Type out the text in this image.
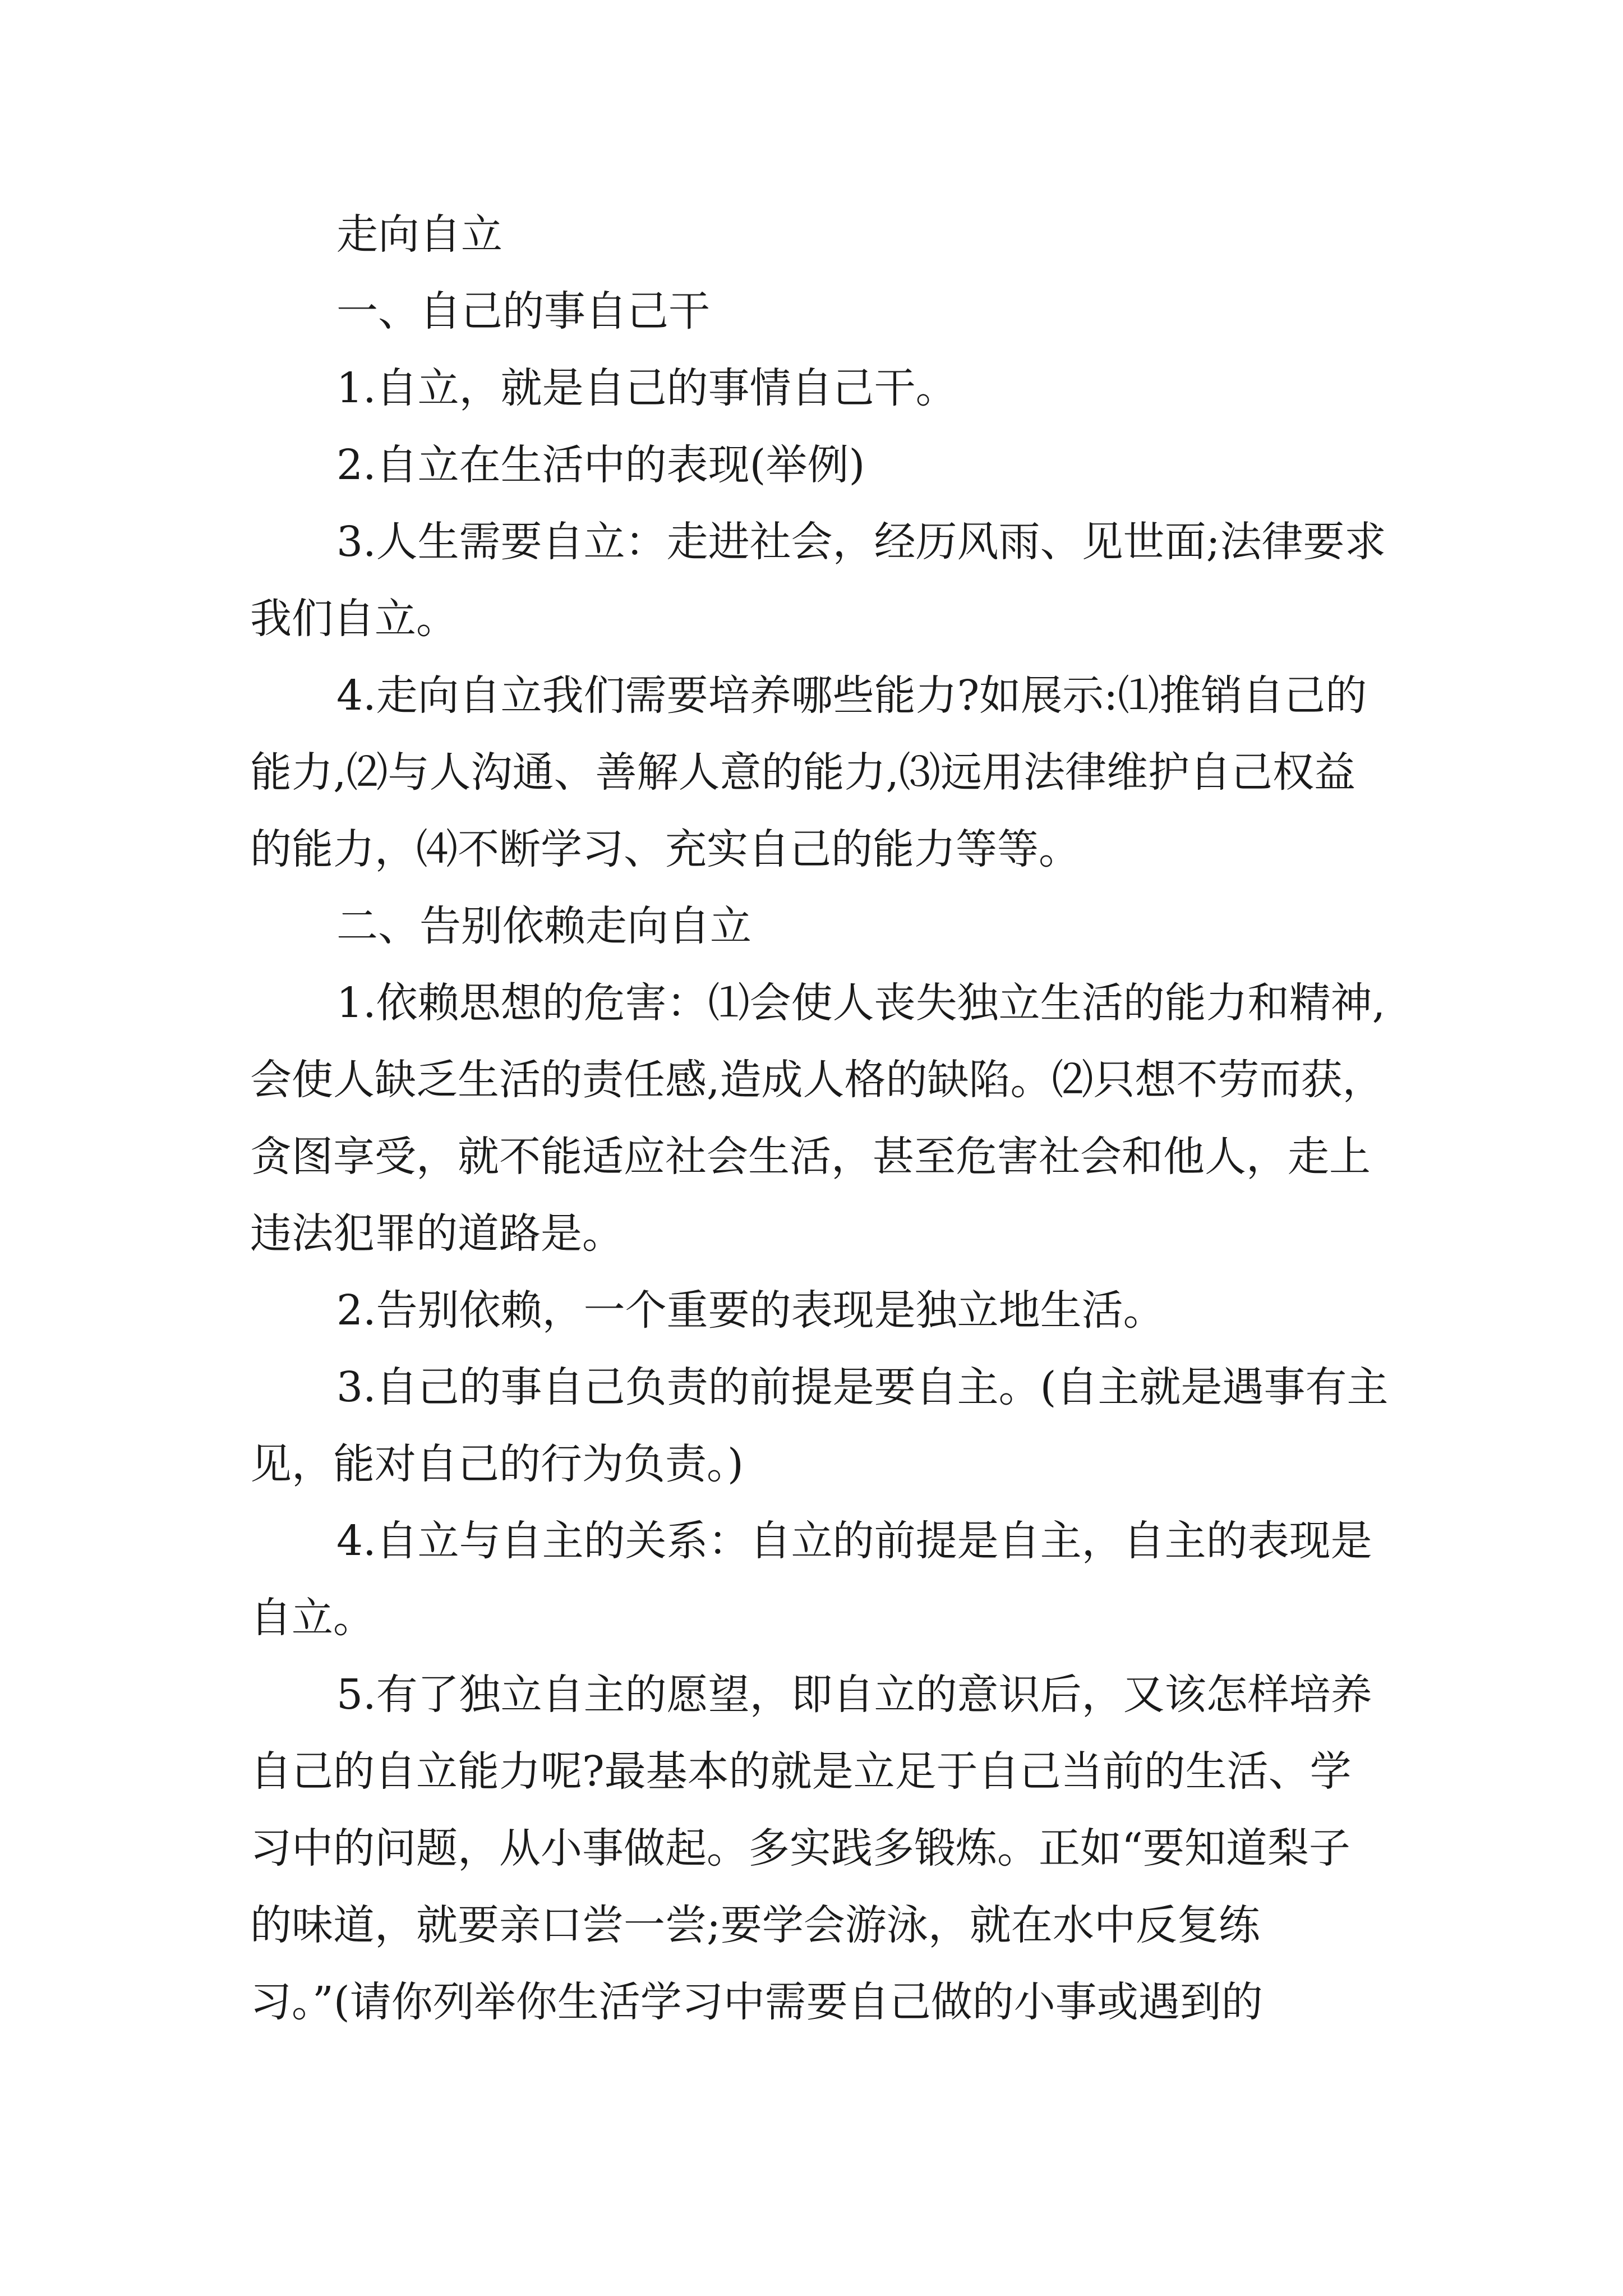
走向自立

一、自己的事自己干

1.自立，就是自己的事情自己干。

2.自立在生活中的表现(举例)

3.人生需要自立：走进社会，经历风雨、见世面;法律要求我们自立。

4.走向自立我们需要培养哪些能力?如展示:⑴推销自己的能力,⑵与人沟通、善解人意的能力,⑶远用法律维护自己权益的能力，⑷不断学习、充实自己的能力等等。

二、告别依赖走向自立

1.依赖思想的危害：⑴会使人丧失独立生活的能力和精神,会使人缺乏生活的责任感,造成人格的缺陷。⑵只想不劳而获，贪图享受，就不能适应社会生活，甚至危害社会和他人，走上违法犯罪的道路是。

2.告别依赖，一个重要的表现是独立地生活。

3.自己的事自己负责的前提是要自主。(自主就是遇事有主见，能对自己的行为负责。)

4.自立与自主的关系：自立的前提是自主，自主的表现是自立。

5.有了独立自主的愿望，即自立的意识后，又该怎样培养自己的自立能力呢?最基本的就是立足于自己当前的生活、学习中的问题，从小事做起。多实践多锻炼。正如“要知道梨子的味道，就要亲口尝一尝;要学会游泳，就在水中反复练习。”(请你列举你生活学习中需要自己做的小事或遇到的
